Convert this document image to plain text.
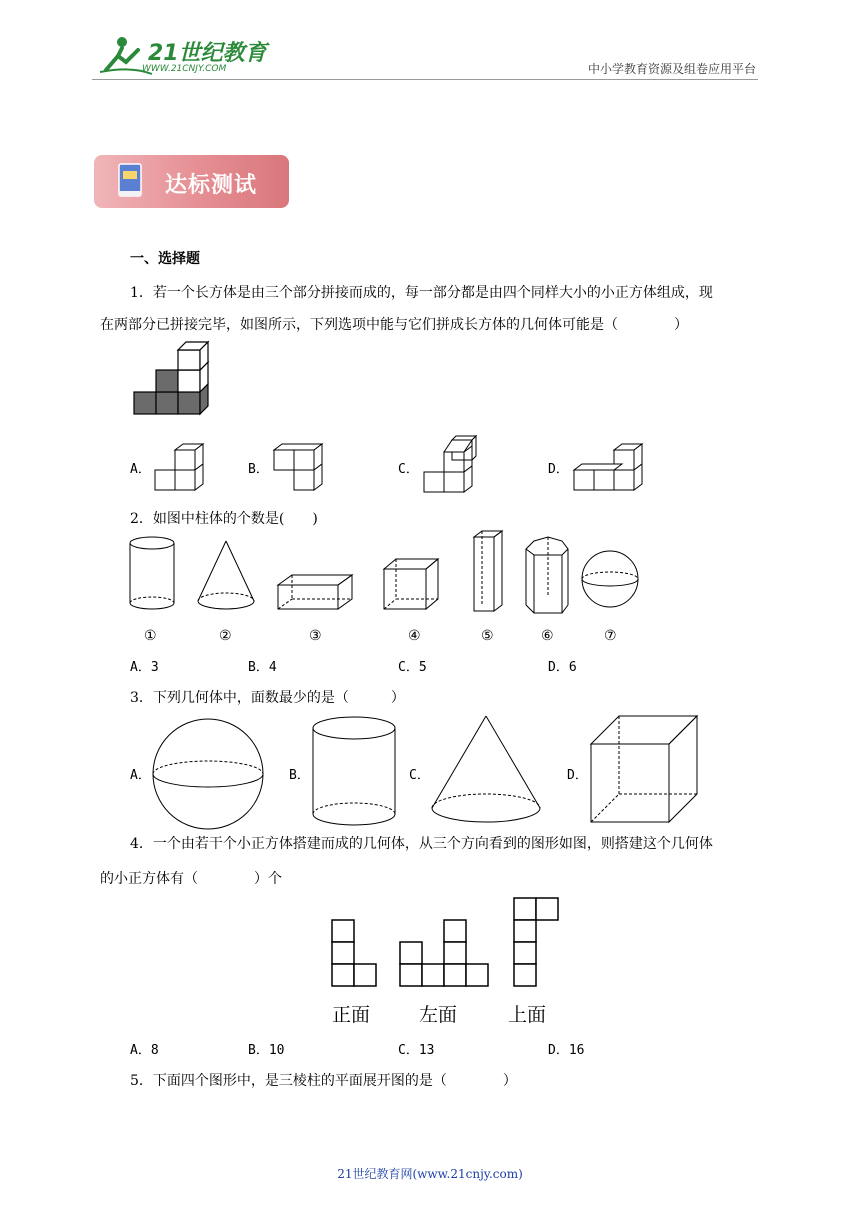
21世纪教育
WWW.21CNJY.COM	中小学教育资源及组卷应用平台
达标测试
一、选择题
1．若一个长方体是由三个部分拼接而成的，每一部分都是由四个同样大小的小正方体组成，现
在两部分已拼接完毕，如图所示，下列选项中能与它们拼成长方体的几何体可能是（　　　　）
A．	B．	C．	D．
2．如图中柱体的个数是(　　)
①	②	③	④	⑤	⑥	⑦
A．3	B．4	C．5	D．6
3．下列几何体中，面数最少的是（　　　）
A．	B．	C．	D．
4．一个由若干个小正方体搭建而成的几何体，从三个方向看到的图形如图，则搭建这个几何体
的小正方体有（　　　　）个
正面	左面	上面
A．8	B．10	C．13	D．16
5．下面四个图形中，是三棱柱的平面展开图的是（　　　　）
21世纪教育网(www.21cnjy.com)
